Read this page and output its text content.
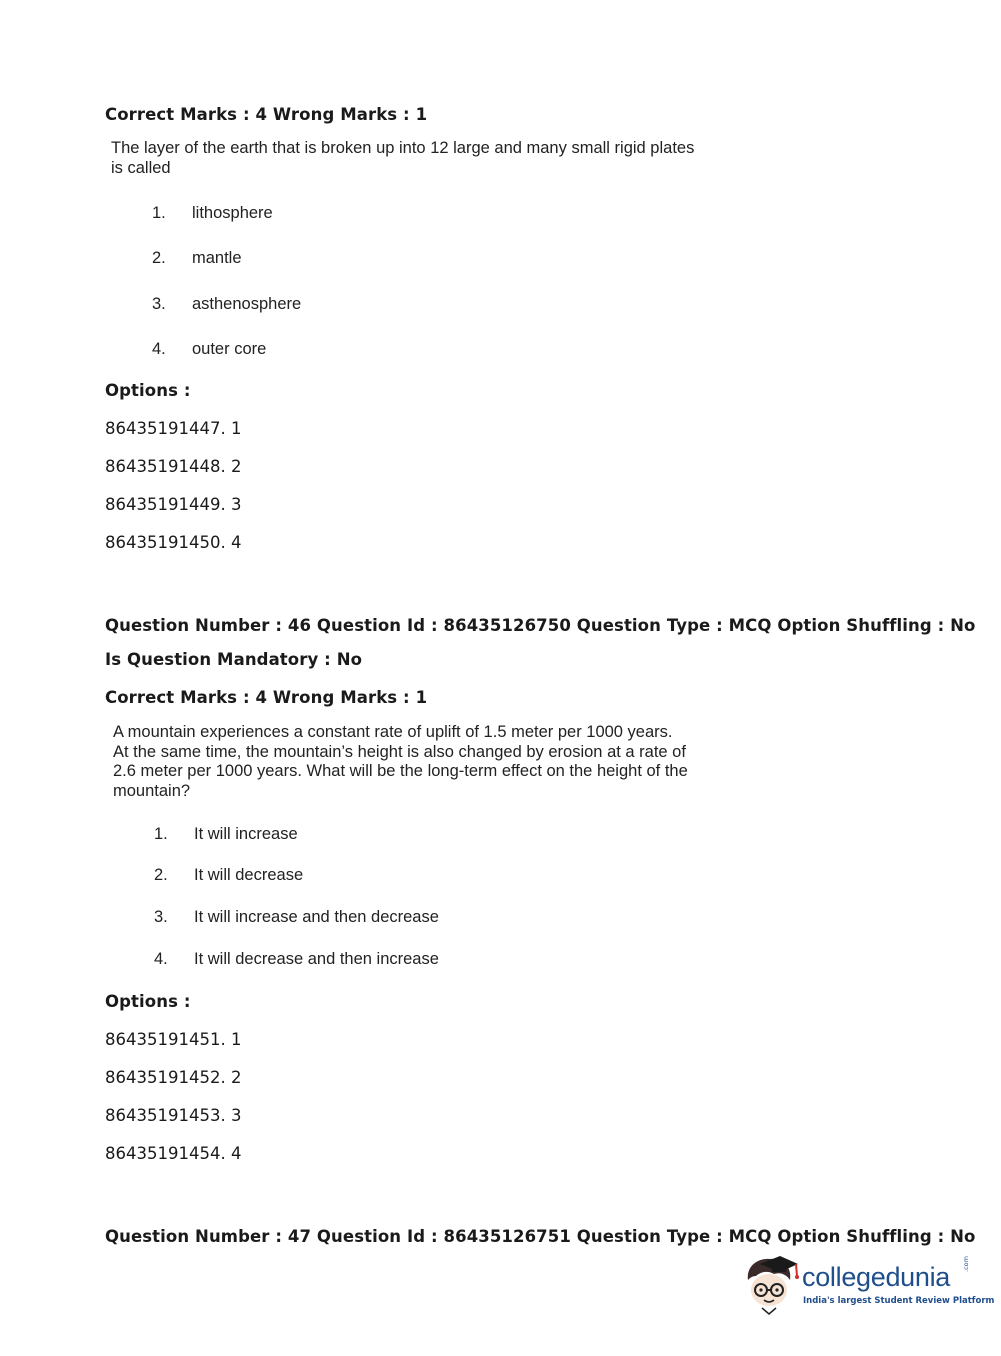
Correct Marks : 4 Wrong Marks : 1
The layer of the earth that is broken up into 12 large and many small rigid plates
is called
1. lithosphere
2. mantle
3. asthenosphere
4. outer core
Options :
86435191447. 1
86435191448. 2
86435191449. 3
86435191450. 4
Question Number : 46 Question Id : 86435126750 Question Type : MCQ Option Shuffling : No
Is Question Mandatory : No
Correct Marks : 4 Wrong Marks : 1
A mountain experiences a constant rate of uplift of 1.5 meter per 1000 years.
At the same time, the mountain’s height is also changed by erosion at a rate of
2.6 meter per 1000 years. What will be the long-term effect on the height of the
mountain?
1. It will increase
2. It will decrease
3. It will increase and then decrease
4. It will decrease and then increase
Options :
86435191451. 1
86435191452. 2
86435191453. 3
86435191454. 4
Question Number : 47 Question Id : 86435126751 Question Type : MCQ Option Shuffling : No
collegedunia .com
India's largest Student Review Platform
